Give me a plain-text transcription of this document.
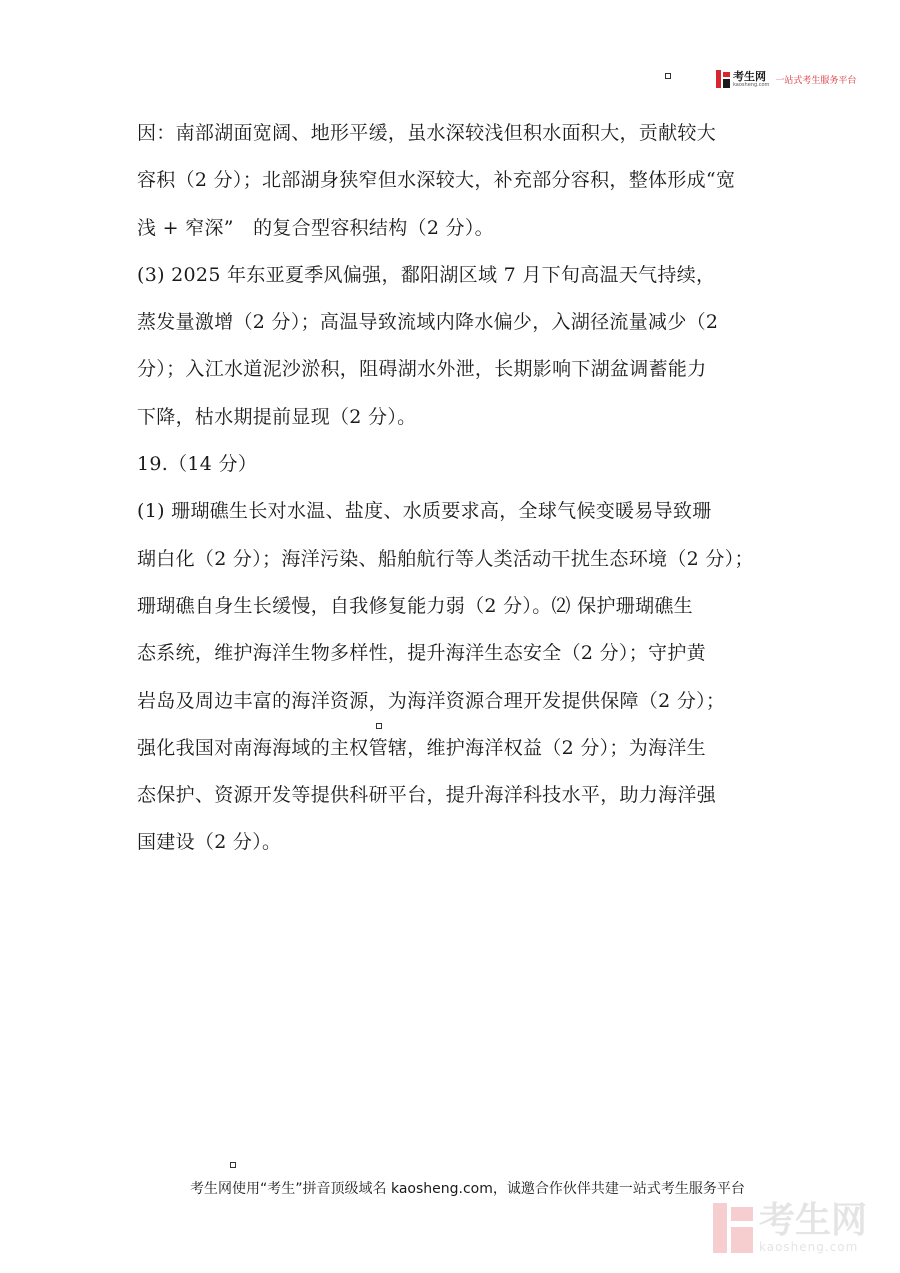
考生网
kaosheng.com 一站式考生服务平台
因：南部湖面宽阔、地形平缓，虽水深较浅但积水面积大，贡献较大
容积（2 分）；北部湖身狭窄但水深较大，补充部分容积，整体形成“宽
浅 + 窄深”　的复合型容积结构（2 分）。
(3) 2025 年东亚夏季风偏强，鄱阳湖区域 7 月下旬高温天气持续，
蒸发量激增（2 分）；高温导致流域内降水偏少，入湖径流量减少（2
分）；入江水道泥沙淤积，阻碍湖水外泄，长期影响下湖盆调蓄能力
下降，枯水期提前显现（2 分）。
19.（14 分）
(1) 珊瑚礁生长对水温、盐度、水质要求高，全球气候变暖易导致珊
瑚白化（2 分）；海洋污染、船舶航行等人类活动干扰生态环境（2 分）；
珊瑚礁自身生长缓慢，自我修复能力弱（2 分）。⑵ 保护珊瑚礁生
态系统，维护海洋生物多样性，提升海洋生态安全（2 分）；守护黄
岩岛及周边丰富的海洋资源，为海洋资源合理开发提供保障（2 分）；
强化我国对南海海域的主权管辖，维护海洋权益（2 分）；为海洋生
态保护、资源开发等提供科研平台，提升海洋科技水平，助力海洋强
国建设（2 分）。
考生网使用“考生”拼音顶级域名 kaosheng.com，诚邀合作伙伴共建一站式考生服务平台
考生网
kaosheng.com
